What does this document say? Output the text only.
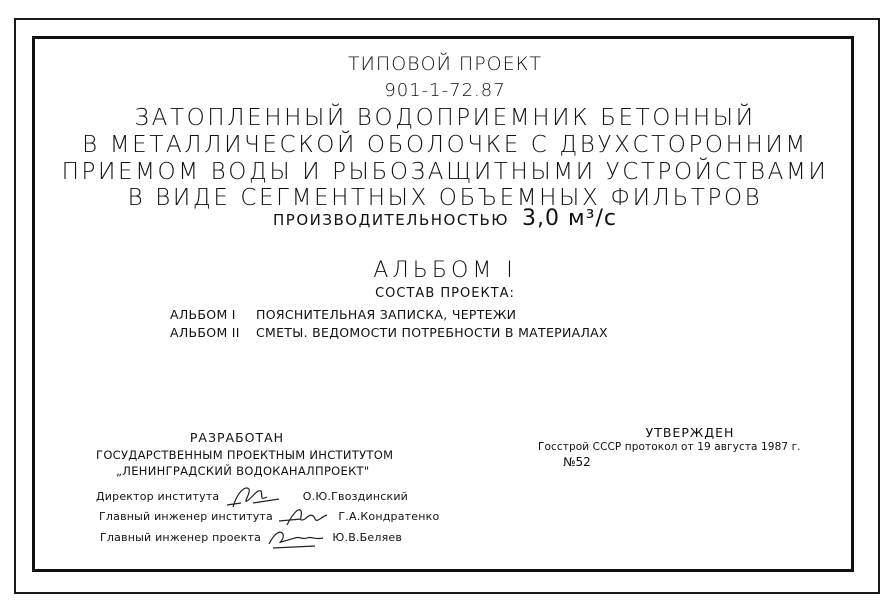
ТИПОВОЙ ПРОЕКТ
901-1-72.87
ЗАТОПЛЕННЫЙ ВОДОПРИЕМНИК БЕТОННЫЙ
В МЕТАЛЛИЧЕСКОЙ ОБОЛОЧКЕ С ДВУХСТОРОННИМ
ПРИЕМОМ ВОДЫ И РЫБОЗАЩИТНЫМИ УСТРОЙСТВАМИ
В ВИДЕ СЕГМЕНТНЫХ ОБЪЕМНЫХ ФИЛЬТРОВ
ПРОИЗВОДИТЕЛЬНОСТЬЮ 3,0 м³/с
АЛЬБОМ I
СОСТАВ ПРОЕКТА:
АЛЬБОМ I ПОЯСНИТЕЛЬНАЯ ЗАПИСКА, ЧЕРТЕЖИ
АЛЬБОМ II СМЕТЫ. ВЕДОМОСТИ ПОТРЕБНОСТИ В МАТЕРИАЛАХ
РАЗРАБОТАН
ГОСУДАРСТВЕННЫМ ПРОЕКТНЫМ ИНСТИТУТОМ
„ЛЕНИНГРАДСКИЙ ВОДОКАНАЛПРОЕКТ"
Директор института	О.Ю.Гвоздинский
Главный инженер института	Г.А.Кондратенко
Главный инженер проекта	Ю.В.Беляев
УТВЕРЖДЕН
Госстрой СССР протокол от 19 августа 1987 г.
№52
